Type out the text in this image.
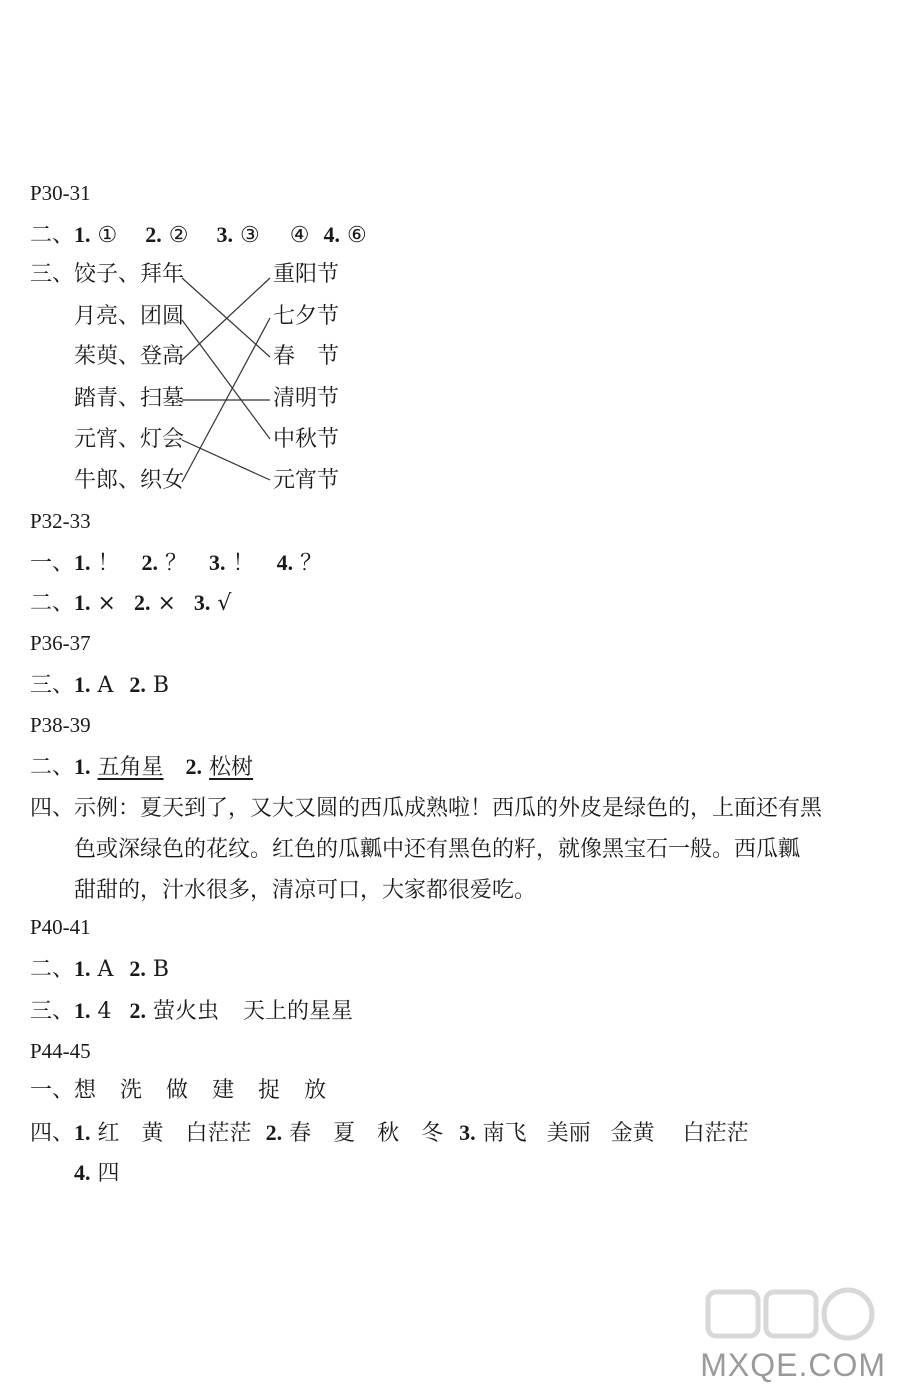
P30-31
二、1. ① 2. ② 3. ③ ④ 4. ⑥
三、 饺子、拜年
月亮、团圆
茱萸、登高
踏青、扫墓
元宵、灯会
牛郎、织女
重阳节
七夕节
春　节
清明节
中秋节
元宵节
P32-33
一、1. ！ 2. ？ 3. ！ 4. ？
二、1. × 2. × 3. √
P36-37
三、1. A 2. B
P38-39
二、1. 五角星 2. 松树
四、示例：夏天到了，又大又圆的西瓜成熟啦！西瓜的外皮是绿色的，上面还有黑
色或深绿色的花纹。红色的瓜瓤中还有黑色的籽，就像黑宝石一般。西瓜瓤
甜甜的，汁水很多，清凉可口，大家都很爱吃。
P40-41
二、1. A 2. B
三、1. 4 2. 萤火虫 天上的星星
P44-45
一、想 洗 做 建 捉 放
四、1. 红 黄 白茫茫 2. 春 夏 秋 冬 3. 南飞 美丽 金黄 白茫茫
4. 四
MXQE.COM
